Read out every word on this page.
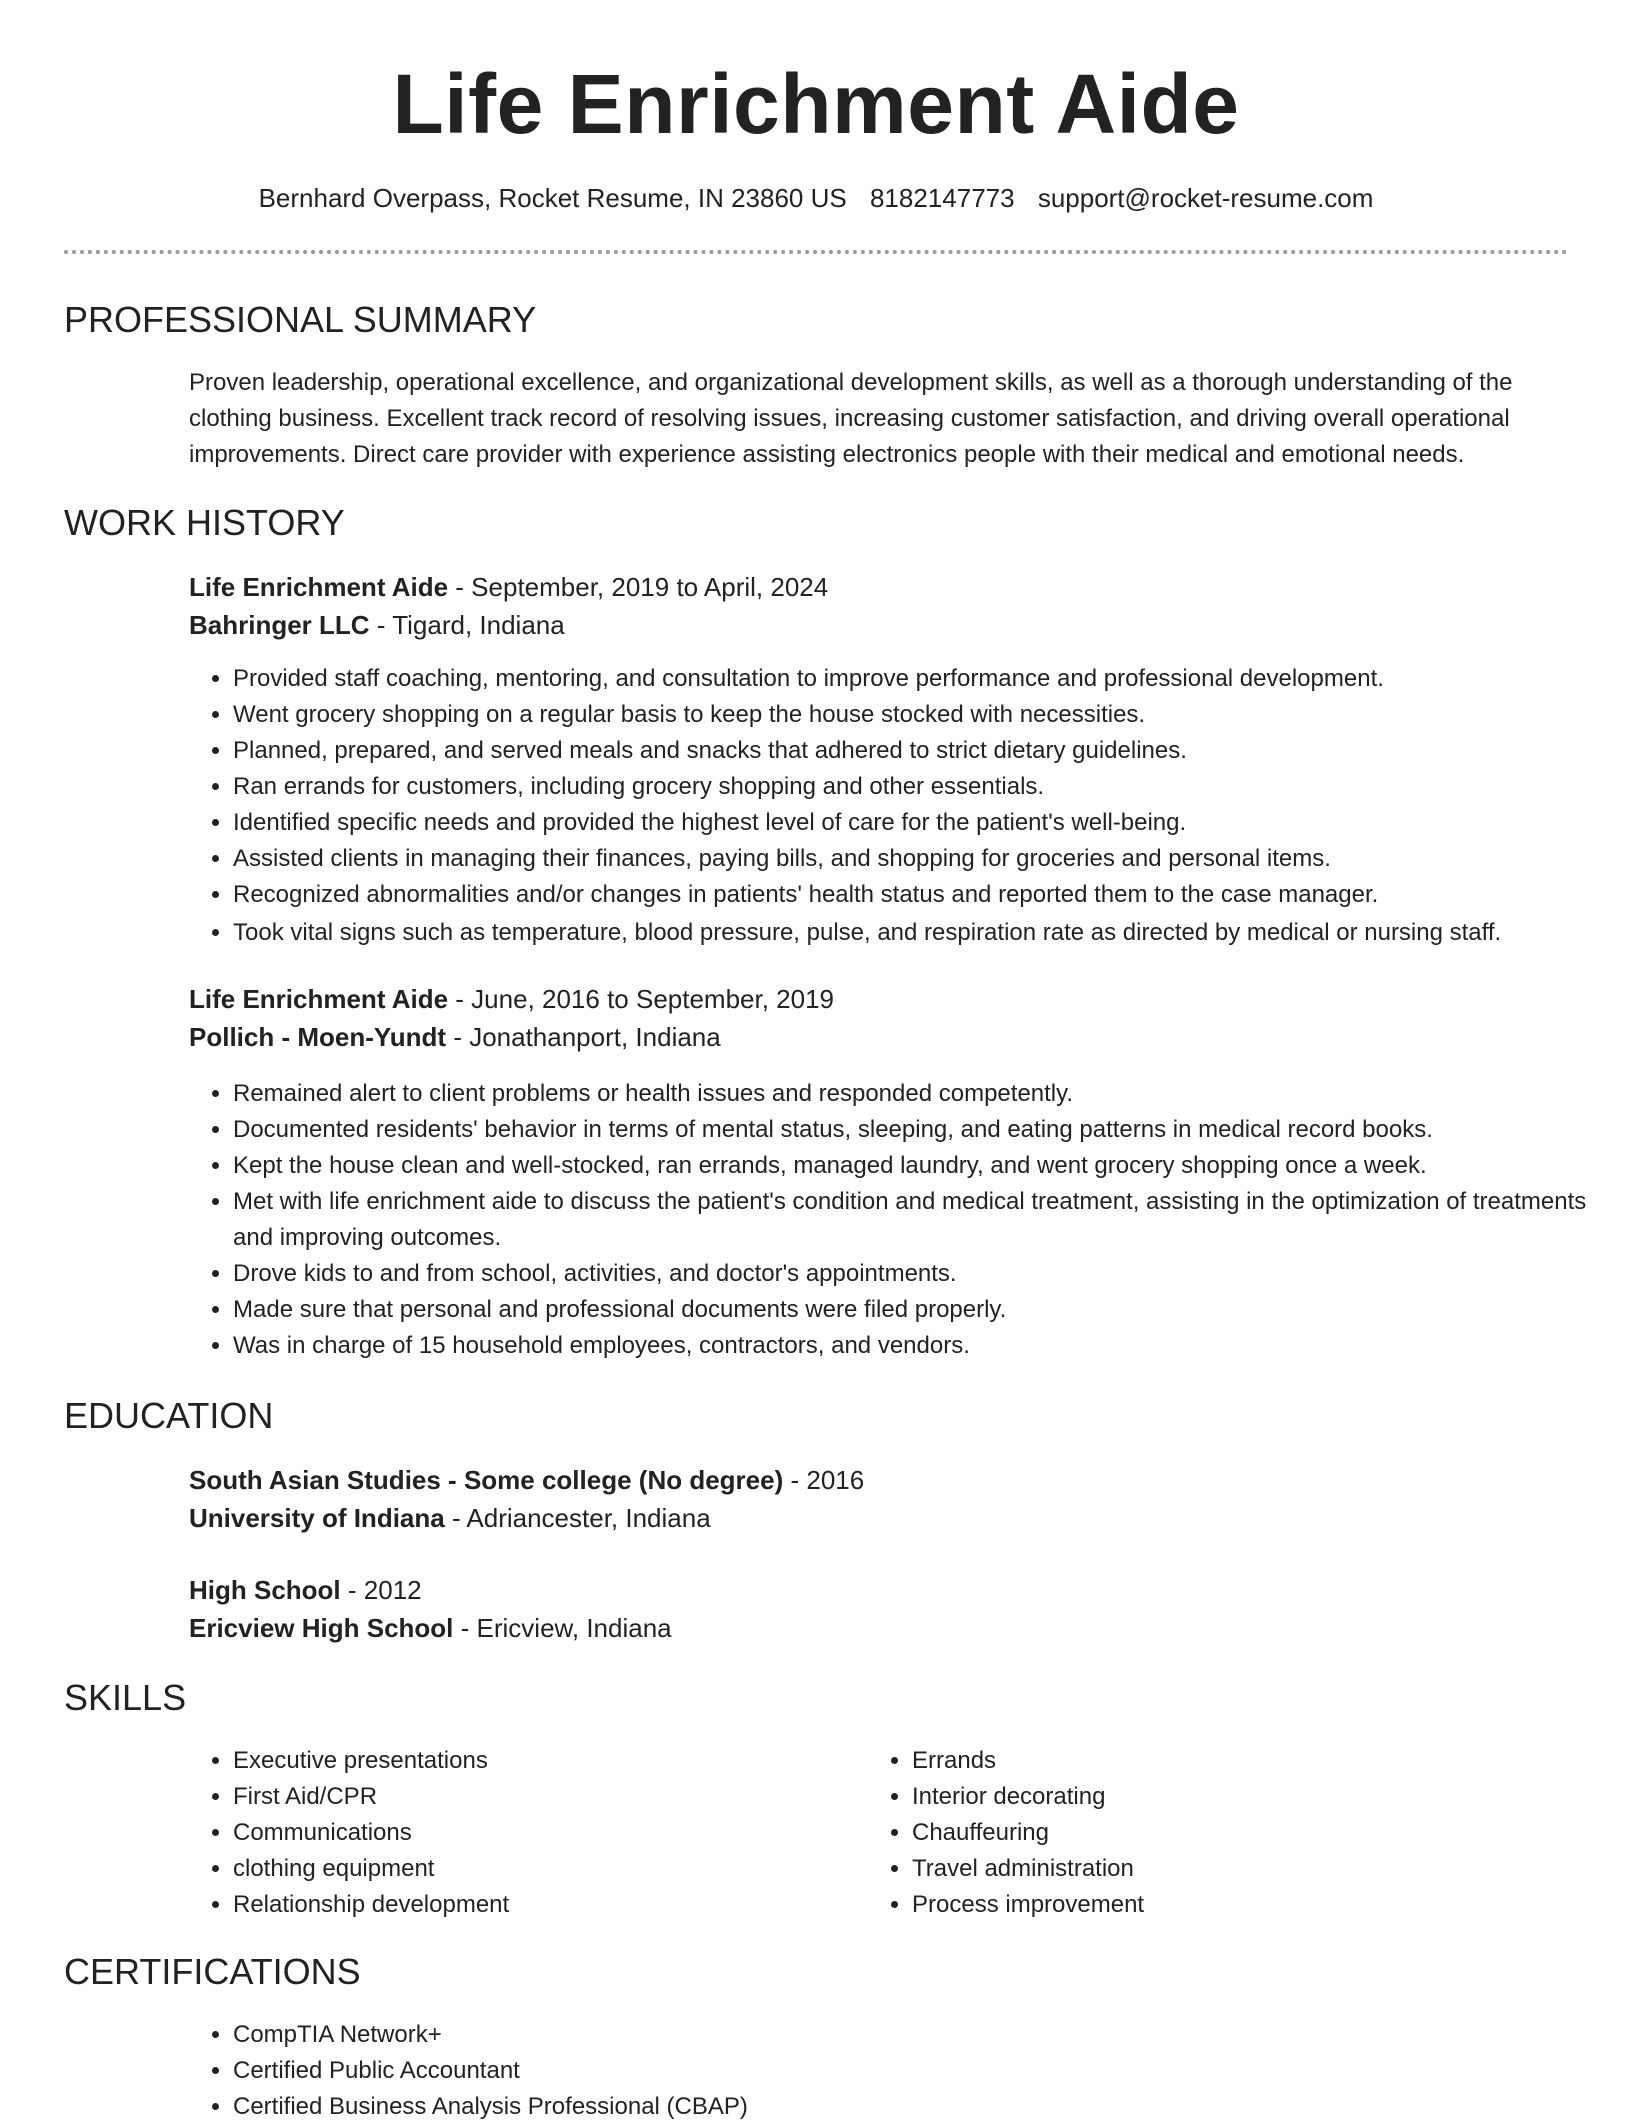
Life Enrichment Aide
Bernhard Overpass, Rocket Resume, IN 23860 US 8182147773 support@rocket-resume.com
PROFESSIONAL SUMMARY
Proven leadership, operational excellence, and organizational development skills, as well as a thorough understanding of the clothing business. Excellent track record of resolving issues, increasing customer satisfaction, and driving overall operational improvements. Direct care provider with experience assisting electronics people with their medical and emotional needs.
WORK HISTORY
Life Enrichment Aide - September, 2019 to April, 2024
Bahringer LLC - Tigard, Indiana
• Provided staff coaching, mentoring, and consultation to improve performance and professional development.
• Went grocery shopping on a regular basis to keep the house stocked with necessities.
• Planned, prepared, and served meals and snacks that adhered to strict dietary guidelines.
• Ran errands for customers, including grocery shopping and other essentials.
• Identified specific needs and provided the highest level of care for the patient's well-being.
• Assisted clients in managing their finances, paying bills, and shopping for groceries and personal items.
• Recognized abnormalities and/or changes in patients' health status and reported them to the case manager.
• Took vital signs such as temperature, blood pressure, pulse, and respiration rate as directed by medical or nursing staff.
Life Enrichment Aide - June, 2016 to September, 2019
Pollich - Moen-Yundt - Jonathanport, Indiana
• Remained alert to client problems or health issues and responded competently.
• Documented residents' behavior in terms of mental status, sleeping, and eating patterns in medical record books.
• Kept the house clean and well-stocked, ran errands, managed laundry, and went grocery shopping once a week.
• Met with life enrichment aide to discuss the patient's condition and medical treatment, assisting in the optimization of treatments and improving outcomes.
• Drove kids to and from school, activities, and doctor's appointments.
• Made sure that personal and professional documents were filed properly.
• Was in charge of 15 household employees, contractors, and vendors.
EDUCATION
South Asian Studies - Some college (No degree) - 2016
University of Indiana - Adriancester, Indiana
High School - 2012
Ericview High School - Ericview, Indiana
SKILLS
• Executive presentations
• First Aid/CPR
• Communications
• clothing equipment
• Relationship development
• Errands
• Interior decorating
• Chauffeuring
• Travel administration
• Process improvement
CERTIFICATIONS
• CompTIA Network+
• Certified Public Accountant
• Certified Business Analysis Professional (CBAP)
